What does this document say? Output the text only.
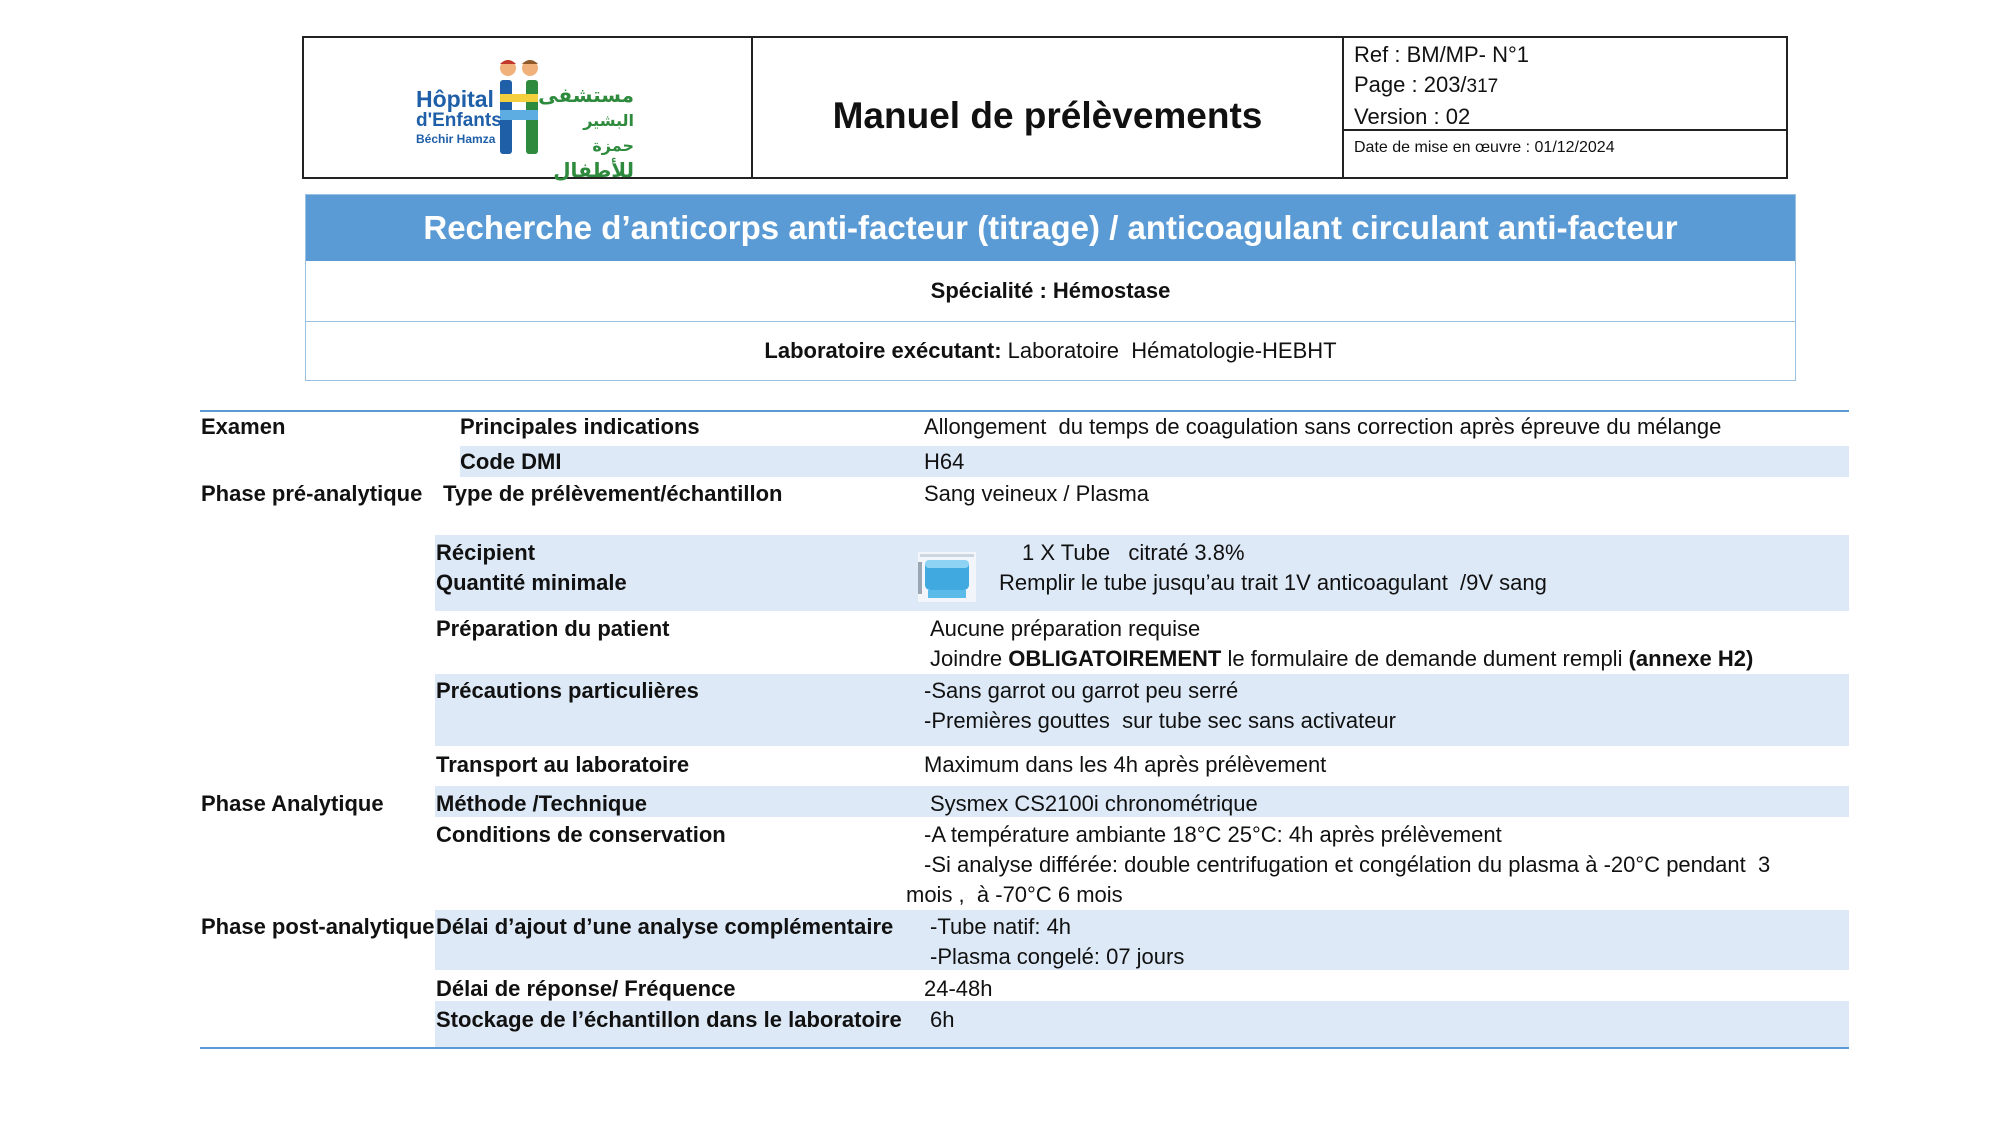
Hôpital
d'Enfants
Béchir Hamza
مستشفى
البشير حمزة
للأطفال
Manuel de prélèvements
Ref : BM/MP- N°1
Page : 203/317
Version : 02
Date de mise en œuvre : 01/12/2024
Recherche d’anticorps anti-facteur (titrage) / anticoagulant circulant anti-facteur
Spécialité : Hémostase
Laboratoire exécutant: Laboratoire  Hématologie-HEBHT
Examen
Phase pré-analytique
Phase Analytique
Phase post-analytique
Principales indications
Code DMI
Type de prélèvement/échantillon
Récipient
Quantité minimale
Préparation du patient
Précautions particulières
Transport au laboratoire
Méthode /Technique
Conditions de conservation
Délai d’ajout d’une analyse complémentaire
Délai de réponse/ Fréquence
Stockage de l’échantillon dans le laboratoire
Allongement  du temps de coagulation sans correction après épreuve du mélange
H64
Sang veineux / Plasma
1 X Tube   citraté 3.8%
Remplir le tube jusqu’au trait 1V anticoagulant  /9V sang
Aucune préparation requise
Joindre OBLIGATOIREMENT le formulaire de demande dument rempli (annexe H2)
-Sans garrot ou garrot peu serré
-Premières gouttes  sur tube sec sans activateur
Maximum dans les 4h après prélèvement
Sysmex CS2100i chronométrique
-A température ambiante 18°C 25°C: 4h après prélèvement
-Si analyse différée: double centrifugation et congélation du plasma à -20°C pendant  3
mois ,  à -70°C 6 mois
-Tube natif: 4h
-Plasma congelé: 07 jours
24-48h
6h
